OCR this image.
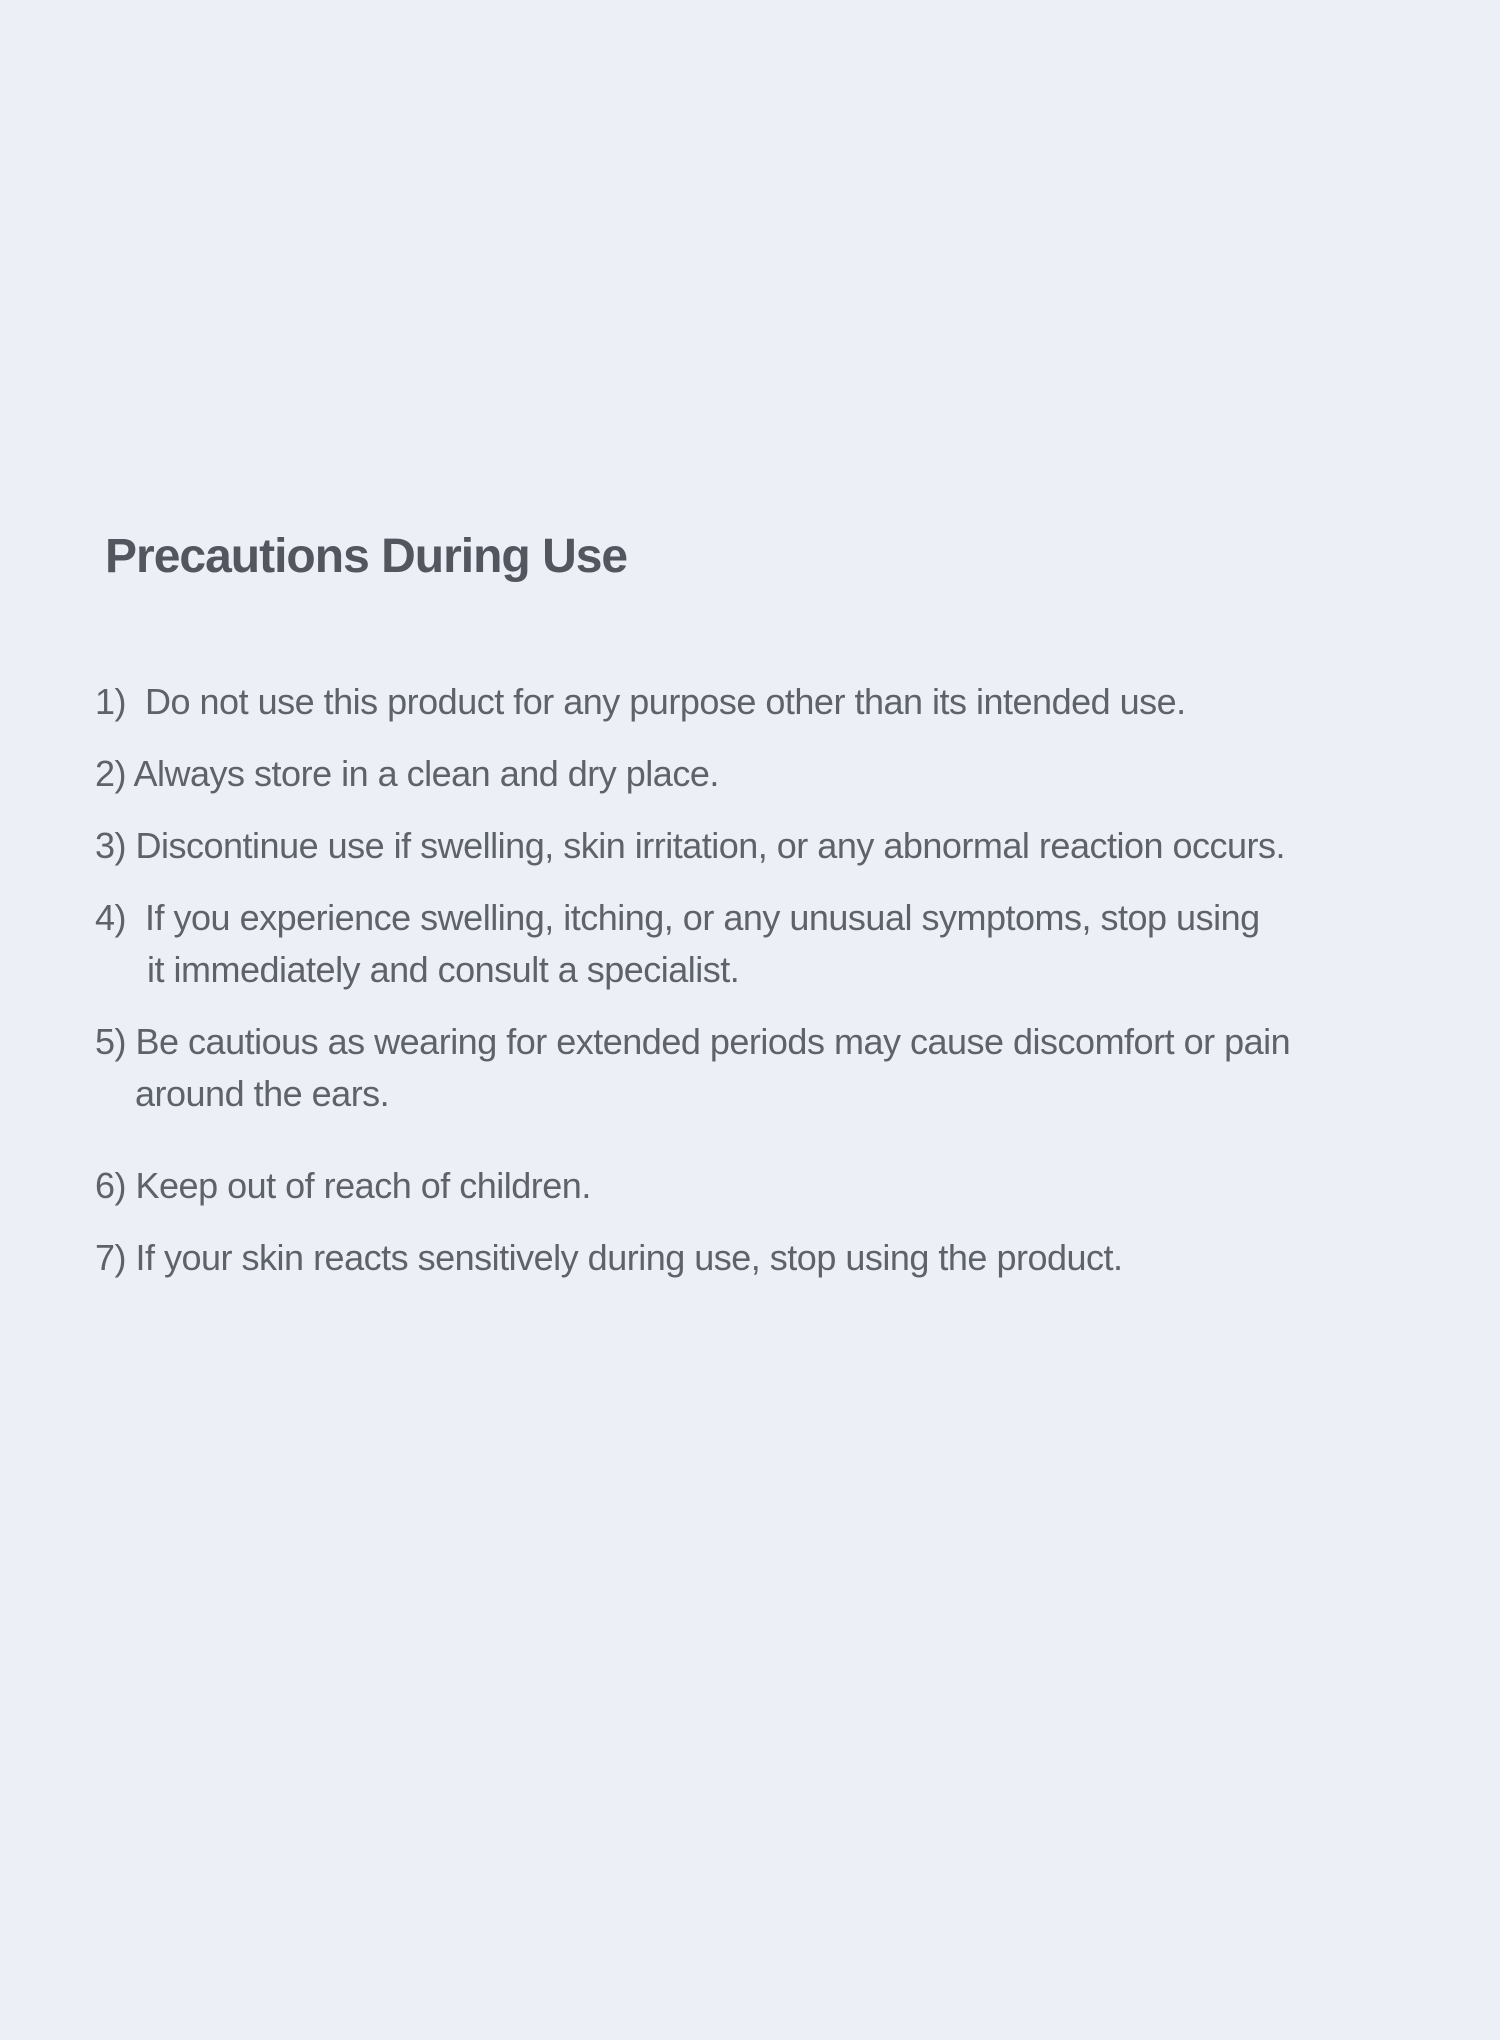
Precautions During Use
1)  Do not use this product for any purpose other than its intended use.
2) Always store in a clean and dry place.
3) Discontinue use if swelling, skin irritation, or any abnormal reaction occurs.
4)  If you experience swelling, itching, or any unusual symptoms, stop using
it immediately and consult a specialist.
5) Be cautious as wearing for extended periods may cause discomfort or pain
around the ears.
6) Keep out of reach of children.
7) If your skin reacts sensitively during use, stop using the product.
